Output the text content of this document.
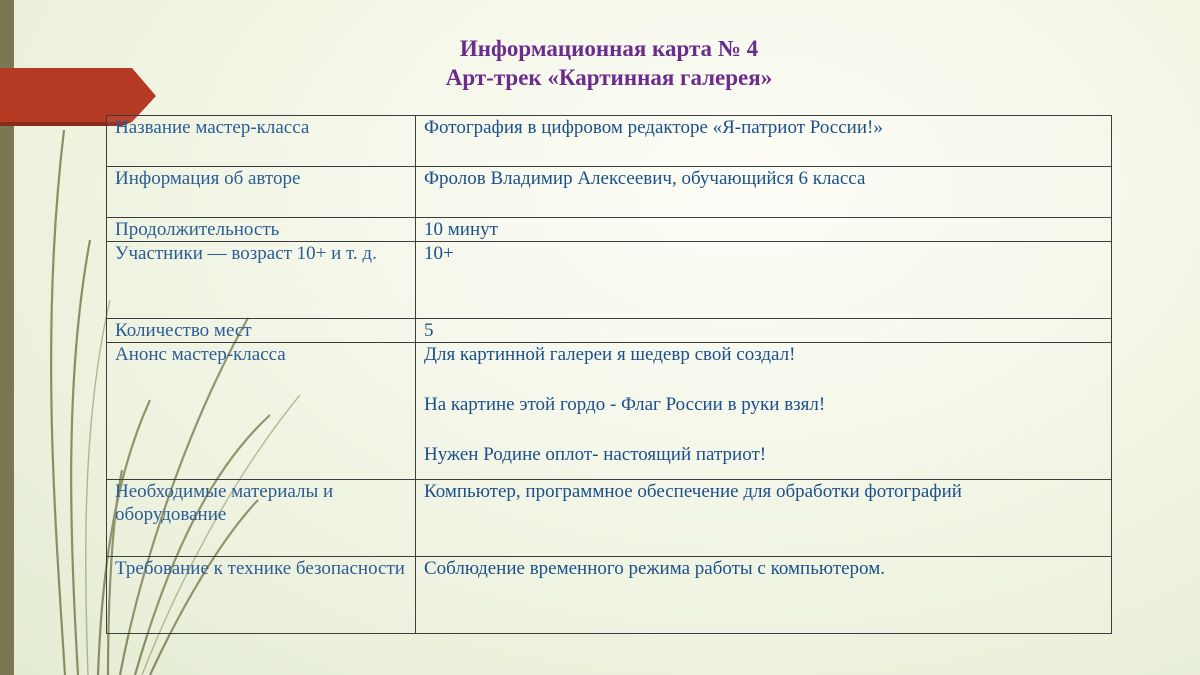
Информационная карта № 4
Арт-трек «Картинная галерея»
Название мастер-класса	Фотография в цифровом редакторе «Я-патриот России!»
Информация об авторе	Фролов Владимир Алексеевич, обучающийся 6 класса
Продолжительность	10 минут
Участники — возраст 10+ и т. д.	10+
Количество мест	5
Анонс мастер-класса	Для картинной галереи я шедевр свой создал!
На картине этой гордо - Флаг России в руки взял!
Нужен Родине оплот- настоящий патриот!

Необходимые материалы и оборудование	Компьютер, программное обеспечение для обработки фотографий
Требование к технике безопасности	Соблюдение временного режима работы с компьютером.
